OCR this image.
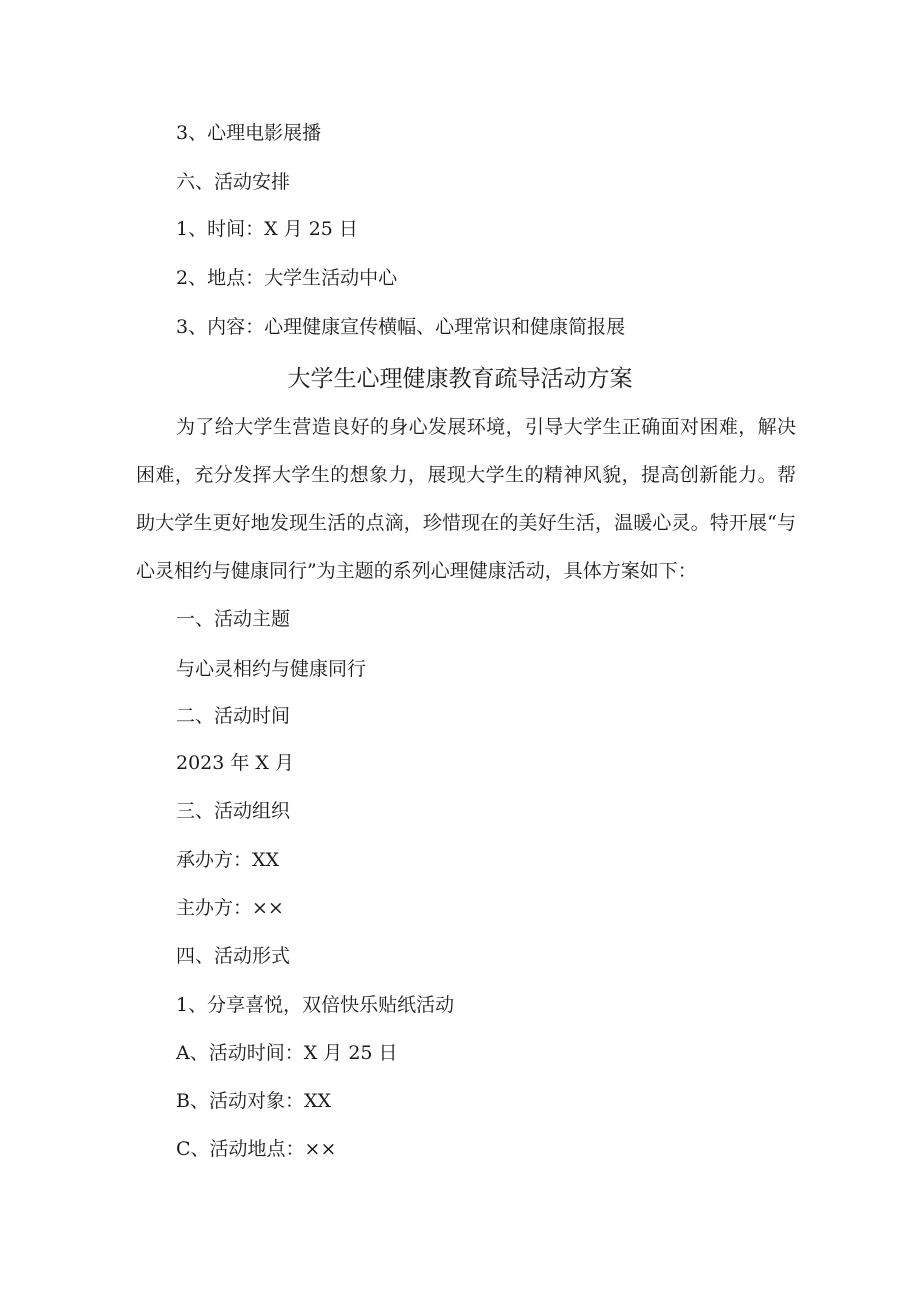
3、心理电影展播
六、活动安排
1、时间：X 月 25 日
2、地点：大学生活动中心
3、内容：心理健康宣传横幅、心理常识和健康简报展
大学生心理健康教育疏导活动方案
为了给大学生营造良好的身心发展环境，引导大学生正确面对困难，解决困难，充分发挥大学生的想象力，展现大学生的精神风貌，提高创新能力。帮助大学生更好地发现生活的点滴，珍惜现在的美好生活，温暖心灵。特开展“与心灵相约与健康同行”为主题的系列心理健康活动，具体方案如下：
一、活动主题
与心灵相约与健康同行
二、活动时间
2023 年 X 月
三、活动组织
承办方：XX
主办方：××
四、活动形式
1、分享喜悦，双倍快乐贴纸活动
A、活动时间：X 月 25 日
B、活动对象：XX
C、活动地点：××
